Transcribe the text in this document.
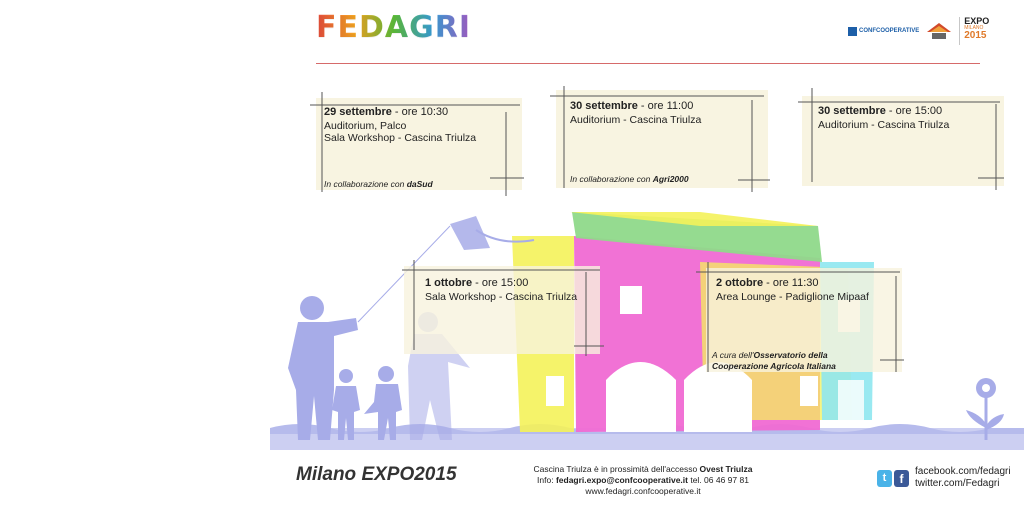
FEDAGRI	CONFCOOPERATIVE
EXPO
MILANO
2015
29 settembre - ore 10:30
Auditorium, Palco
Sala Workshop - Cascina Triulza
In collaborazione con daSud
30 settembre - ore 11:00
Auditorium - Cascina Triulza
In collaborazione con Agri2000
30 settembre - ore 15:00
Auditorium - Cascina Triulza
1 ottobre - ore 15:00
Sala Workshop - Cascina Triulza
2 ottobre - ore 11:30
Area Lounge - Padiglione Mipaaf
A cura dell'Osservatorio della
Cooperazione Agricola Italiana
Milano EXPO2015	Cascina Triulza è in prossimità dell'accesso Ovest Triulza
Info: fedagri.expo@confcooperative.it tel. 06 46 97 81
www.fedagri.confcooperative.it
t	f	facebook.com/fedagri
twitter.com/Fedagri
